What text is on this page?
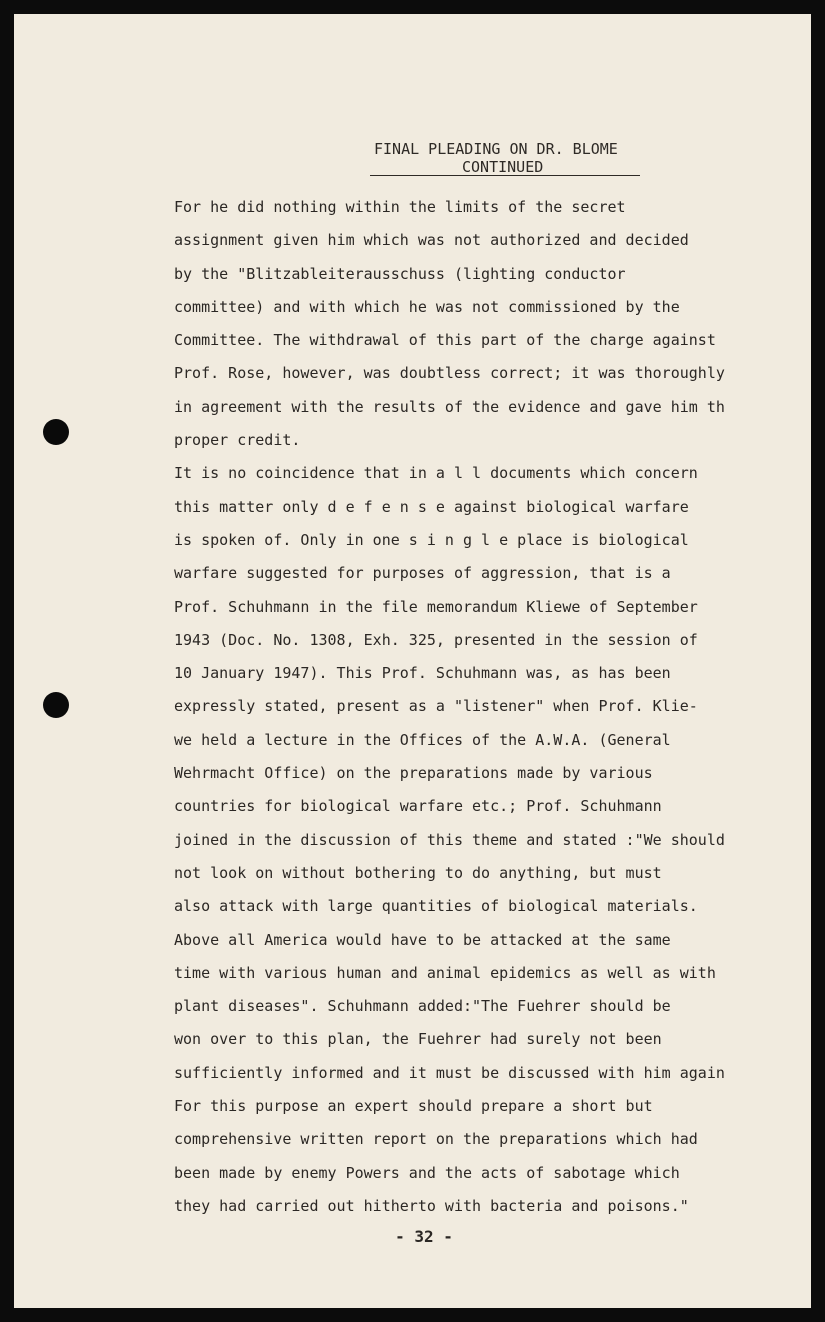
FINAL PLEADING ON DR. BLOME
CONTINUED
For he did nothing within the limits of the secret
assignment given him which was not authorized and decided
by the "Blitzableiterausschuss (lighting conductor
committee) and with which he was not commissioned by the
Committee. The withdrawal of this part of the charge against
Prof. Rose, however, was doubtless correct; it was thoroughly
in agreement with the results of the evidence and gave him th
proper credit.
It is no coincidence that in a l l documents which concern
this matter only d e f e n s e against biological warfare
is spoken of. Only in one s i n g l e place is biological
warfare suggested for purposes of aggression, that is a
Prof. Schuhmann in the file memorandum Kliewe of September
1943 (Doc. No. 1308, Exh. 325, presented in the session of
10 January 1947). This Prof. Schuhmann was, as has been
expressly stated, present as a "listener" when Prof. Klie-
we held a lecture in the Offices of the A.W.A. (General
Wehrmacht Office) on the preparations made by various
countries for biological warfare etc.; Prof. Schuhmann
joined in the discussion of this theme and stated :"We should
not look on without bothering to do anything, but must
also attack with large quantities of biological materials.
Above all America would have to be attacked at the same
time with various human and animal epidemics as well as with
plant diseases". Schuhmann added:"The Fuehrer should be
won over to this plan, the Fuehrer had surely not been
sufficiently informed and it must be discussed with him again
For this purpose an expert should prepare a short but
comprehensive written report on the preparations which had
been made by enemy Powers and the acts of sabotage which
they had carried out hitherto with bacteria and poisons."
- 32 -
